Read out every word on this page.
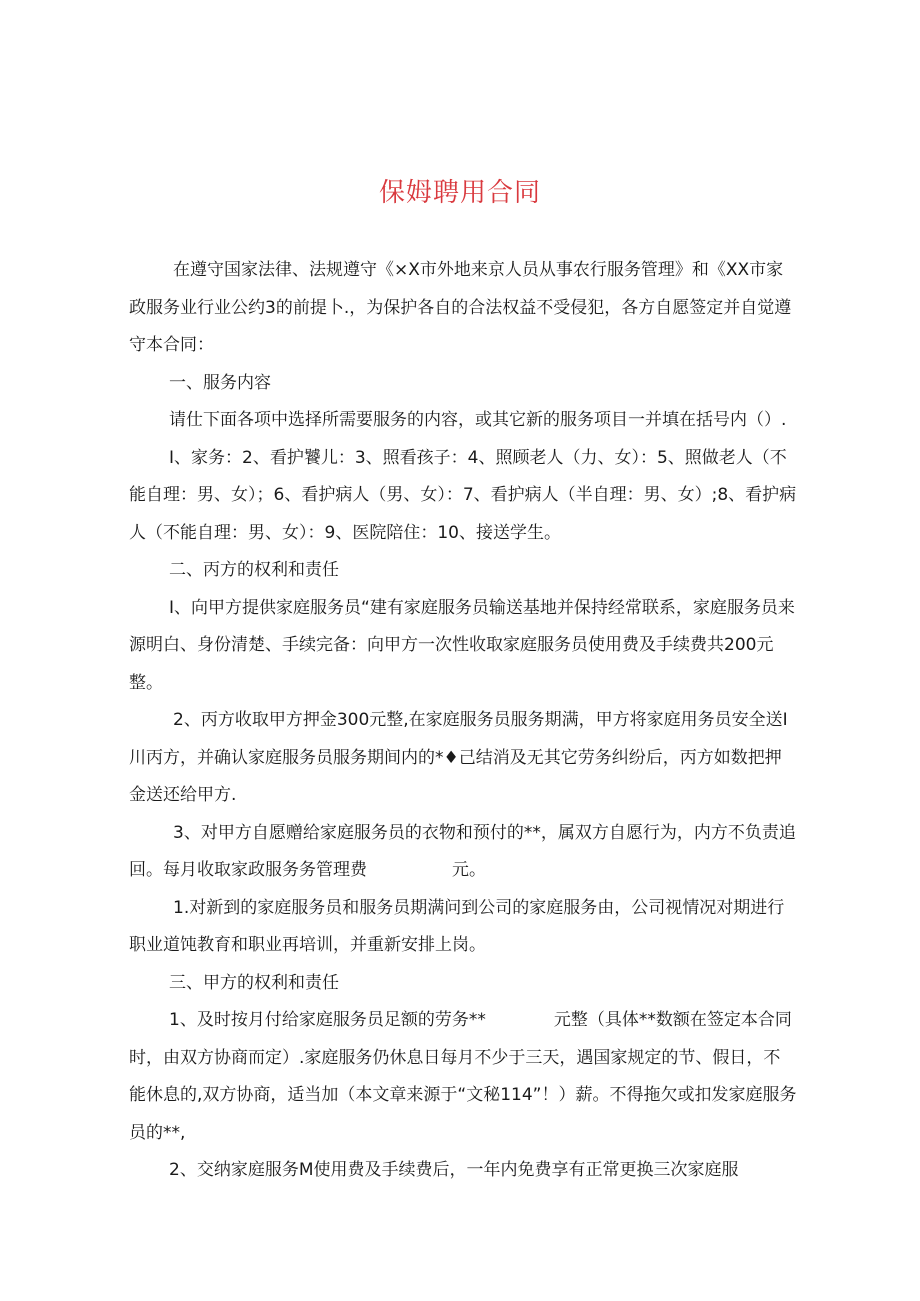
保姆聘用合同

在遵守国家法律、法规遵守《×X市外地来京人员从事农行服务管理》和《XX市家政服务业行业公约3的前提卜.，为保护各自的合法权益不受侵犯，各方自愿签定并自觉遵守本合同：

一、服务内容

请仕下面各项中选择所需要服务的内容，或其它新的服务项目一并填在括号内（）.

I、家务：2、看护饕儿：3、照看孩子：4、照顾老人（力、女）：5、照做老人（不能自理：男、女）；6、看护病人（男、女）：7、看护病人（半自理：男、女）;8、看护病人（不能自理：男、女）：9、医院陪住：10、接送学生。

二、丙方的权利和责任

I、向甲方提供家庭服务员“建有家庭服务员输送基地并保持经常联系，家庭服务员来源明白、身份清楚、手续完备：向甲方一次性收取家庭服务员使用费及手续费共200元整。

2、丙方收取甲方押金300元整,在家庭服务员服务期满，甲方将家庭用务员安全送I川丙方，并确认家庭服务员服务期间内的*♦己结消及无其它劳务纠纷后，丙方如数把押金送还给甲方.

3、对甲方自愿赠给家庭服务员的衣物和预付的**，属双方自愿行为，内方不负责追回。每月收取家政服务务管理费　　　　　元。

1.对新到的家庭服务员和服务员期满问到公司的家庭服务由，公司视情况对期进行职业道饨教育和职业再培训，并重新安排上岗。

三、甲方的权利和责任

1、及时按月付给家庭服务员足额的劳务**　　　　元整（具体**数额在签定本合同时，由双方协商而定）.家庭服务仍休息日每月不少于三天，遇国家规定的节、假日，不能休息的,双方协商，适当加（本文章来源于“文秘114”！）薪。不得拖欠或扣发家庭服务员的**,

2、交纳家庭服务M使用费及手续费后，一年内免费享有正常更换三次家庭服
